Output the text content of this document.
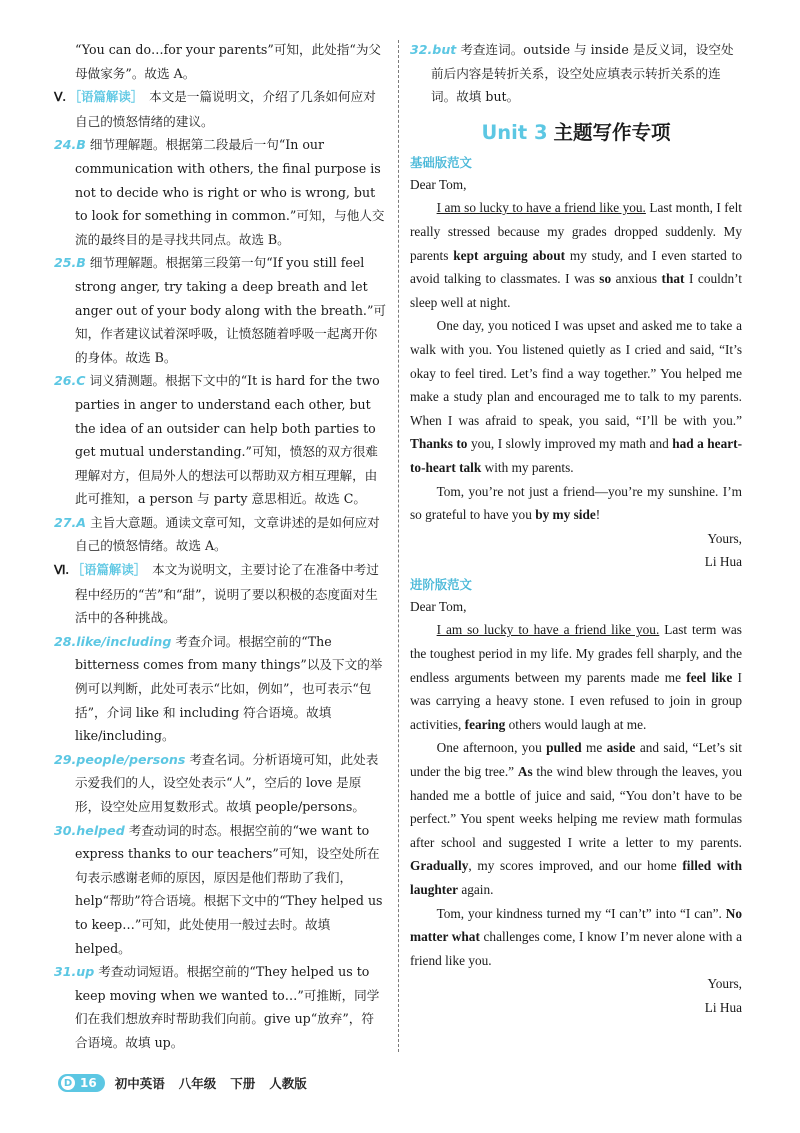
“You can do…for your parents”可知，此处指“为父母做家务”。故选 A。

Ⅴ. ［语篇解读］ 本文是一篇说明文，介绍了几条如何应对自己的愤怒情绪的建议。

24.B 细节理解题。根据第二段最后一句“In our communication with others, the final purpose is not to decide who is right or who is wrong, but to look for something in common.”可知，与他人交流的最终目的是寻找共同点。故选 B。

25.B 细节理解题。根据第三段第一句“If you still feel strong anger, try taking a deep breath and let anger out of your body along with the breath.”可知，作者建议试着深呼吸，让愤怒随着呼吸一起离开你的身体。故选 B。

26.C 词义猜测题。根据下文中的“It is hard for the two parties in anger to understand each other, but the idea of an outsider can help both parties to get mutual understanding.”可知，愤怒的双方很难理解对方，但局外人的想法可以帮助双方相互理解，由此可推知，a person 与 party 意思相近。故选 C。

27.A 主旨大意题。通读文章可知，文章讲述的是如何应对自己的愤怒情绪。故选 A。

Ⅵ. ［语篇解读］ 本文为说明文，主要讨论了在准备中考过程中经历的“苦”和“甜”，说明了要以积极的态度面对生活中的各种挑战。

28.like/including 考查介词。根据空前的“The bitterness comes from many things”以及下文的举例可以判断，此处可表示“比如，例如”，也可表示“包括”，介词 like 和 including 符合语境。故填 like/including。

29.people/persons 考查名词。分析语境可知，此处表示爱我们的人，设空处表示“人”，空后的 love 是原形，设空处应用复数形式。故填 people/persons。

30.helped 考查动词的时态。根据空前的“we want to express thanks to our teachers”可知，设空处所在句表示感谢老师的原因，原因是他们帮助了我们，help“帮助”符合语境。根据下文中的“They helped us to keep…”可知，此处使用一般过去时。故填 helped。

31.up 考查动词短语。根据空前的“They helped us to keep moving when we wanted to…”可推断，同学们在我们想放弃时帮助我们向前。give up“放弃”，符合语境。故填 up。

32.but 考查连词。outside 与 inside 是反义词，设空处前后内容是转折关系，设空处应填表示转折关系的连词。故填 but。

Unit 3 主题写作专项
基础版范文

Dear Tom,

I am so lucky to have a friend like you. Last month, I felt really stressed because my grades dropped suddenly. My parents kept arguing about my study, and I even started to avoid talking to classmates. I was so anxious that I couldn’t sleep well at night.

One day, you noticed I was upset and asked me to take a walk with you. You listened quietly as I cried and said, “It’s okay to feel tired. Let’s find a way together.” You helped me make a study plan and encouraged me to talk to my parents. When I was afraid to speak, you said, “I’ll be with you.” Thanks to you, I slowly improved my math and had a heart-to-heart talk with my parents.

Tom, you’re not just a friend—you’re my sunshine. I’m so grateful to have you by my side!

Yours,

Li Hua

进阶版范文

Dear Tom,

I am so lucky to have a friend like you. Last term was the toughest period in my life. My grades fell sharply, and the endless arguments between my parents made me feel like I was carrying a heavy stone. I even refused to join in group activities, fearing others would laugh at me.

One afternoon, you pulled me aside and said, “Let’s sit under the big tree.” As the wind blew through the leaves, you handed me a bottle of juice and said, “You don’t have to be perfect.” You spent weeks helping me review math formulas after school and suggested I write a letter to my parents. Gradually, my scores improved, and our home filled with laughter again.

Tom, your kindness turned my “I can’t” into “I can”. No matter what challenges come, I know I’m never alone with a friend like you.

Yours,

Li Hua

D 16 初中英语 八年级 下册 人教版
